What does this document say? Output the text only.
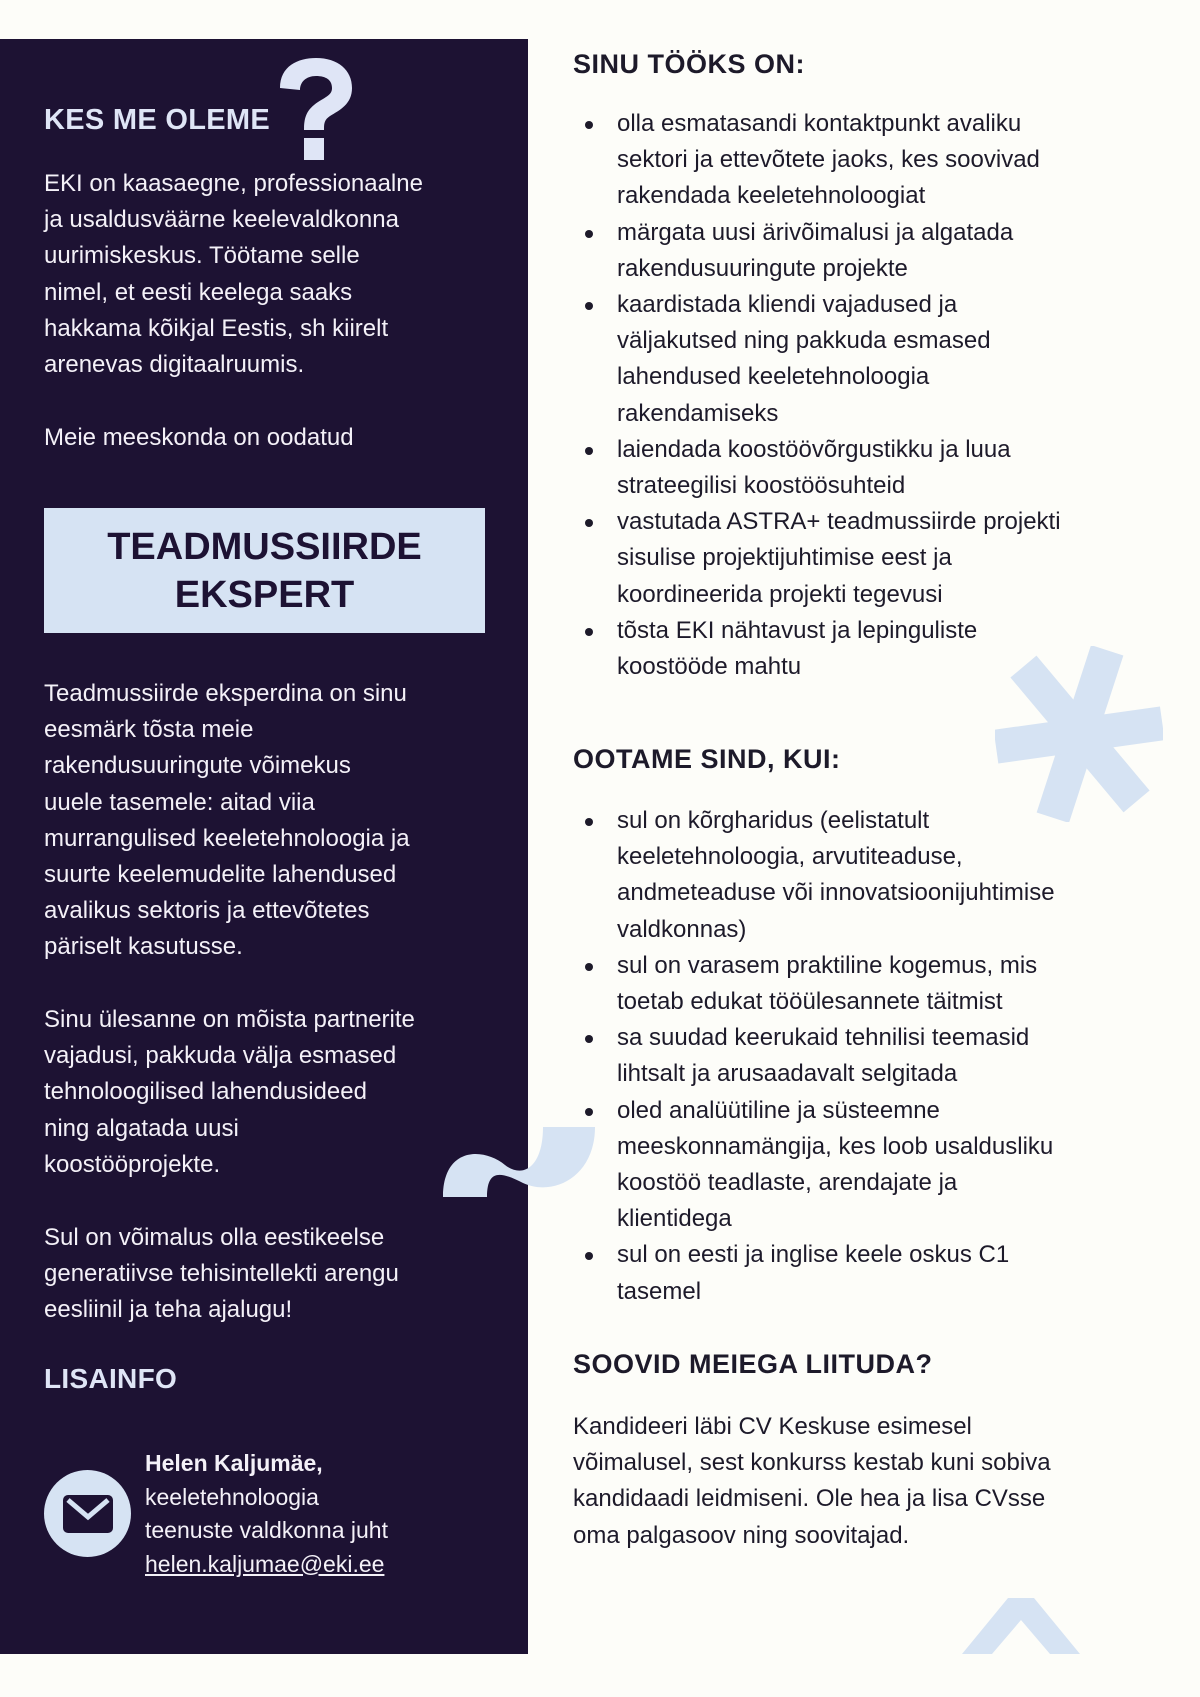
KES ME OLEME
EKI on kaasaegne, professionaalne
ja usaldusväärne keelevaldkonna
uurimiskeskus. Töötame selle
nimel, et eesti keelega saaks
hakkama kõikjal Eestis, sh kiirelt
arenevas digitaalruumis.
Meie meeskonda on oodatud
TEADMUSSIIRDE
EKSPERT
Teadmussiirde eksperdina on sinu
eesmärk tõsta meie
rakendusuuringute võimekus
uuele tasemele: aitad viia
murrangulised keeletehnoloogia ja
suurte keelemudelite lahendused
avalikus sektoris ja ettevõtetes
päriselt kasutusse.
Sinu ülesanne on mõista partnerite
vajadusi, pakkuda välja esmased
tehnoloogilised lahendusideed
ning algatada uusi
koostööprojekte.
Sul on võimalus olla eestikeelse
generatiivse tehisintellekti arengu
eesliinil ja teha ajalugu!
LISAINFO
Helen Kaljumäe,
keeletehnoloogia
teenuste valdkonna juht
helen.kaljumae@eki.ee
SINU TÖÖKS ON:
olla esmatasandi kontaktpunkt avaliku
sektori ja ettevõtete jaoks, kes soovivad
rakendada keeletehnoloogiat
märgata uusi ärivõimalusi ja algatada
rakendusuuringute projekte
kaardistada kliendi vajadused ja
väljakutsed ning pakkuda esmased
lahendused keeletehnoloogia
rakendamiseks
laiendada koostöövõrgustikku ja luua
strateegilisi koostöösuhteid
vastutada ASTRA+ teadmussiirde projekti
sisulise projektijuhtimise eest ja
koordineerida projekti tegevusi
tõsta EKI nähtavust ja lepinguliste
koostööde mahtu
OOTAME SIND, KUI:
sul on kõrgharidus (eelistatult
keeletehnoloogia, arvutiteaduse,
andmeteaduse või innovatsioonijuhtimise
valdkonnas)
sul on varasem praktiline kogemus, mis
toetab edukat tööülesannete täitmist
sa suudad keerukaid tehnilisi teemasid
lihtsalt ja arusaadavalt selgitada
oled analüütiline ja süsteemne
meeskonnamängija, kes loob usaldusliku
koostöö teadlaste, arendajate ja
klientidega
sul on eesti ja inglise keele oskus C1
tasemel
SOOVID MEIEGA LIITUDA?
Kandideeri läbi CV Keskuse esimesel
võimalusel, sest konkurss kestab kuni sobiva
kandidaadi leidmiseni. Ole hea ja lisa CVsse
oma palgasoov ning soovitajad.
